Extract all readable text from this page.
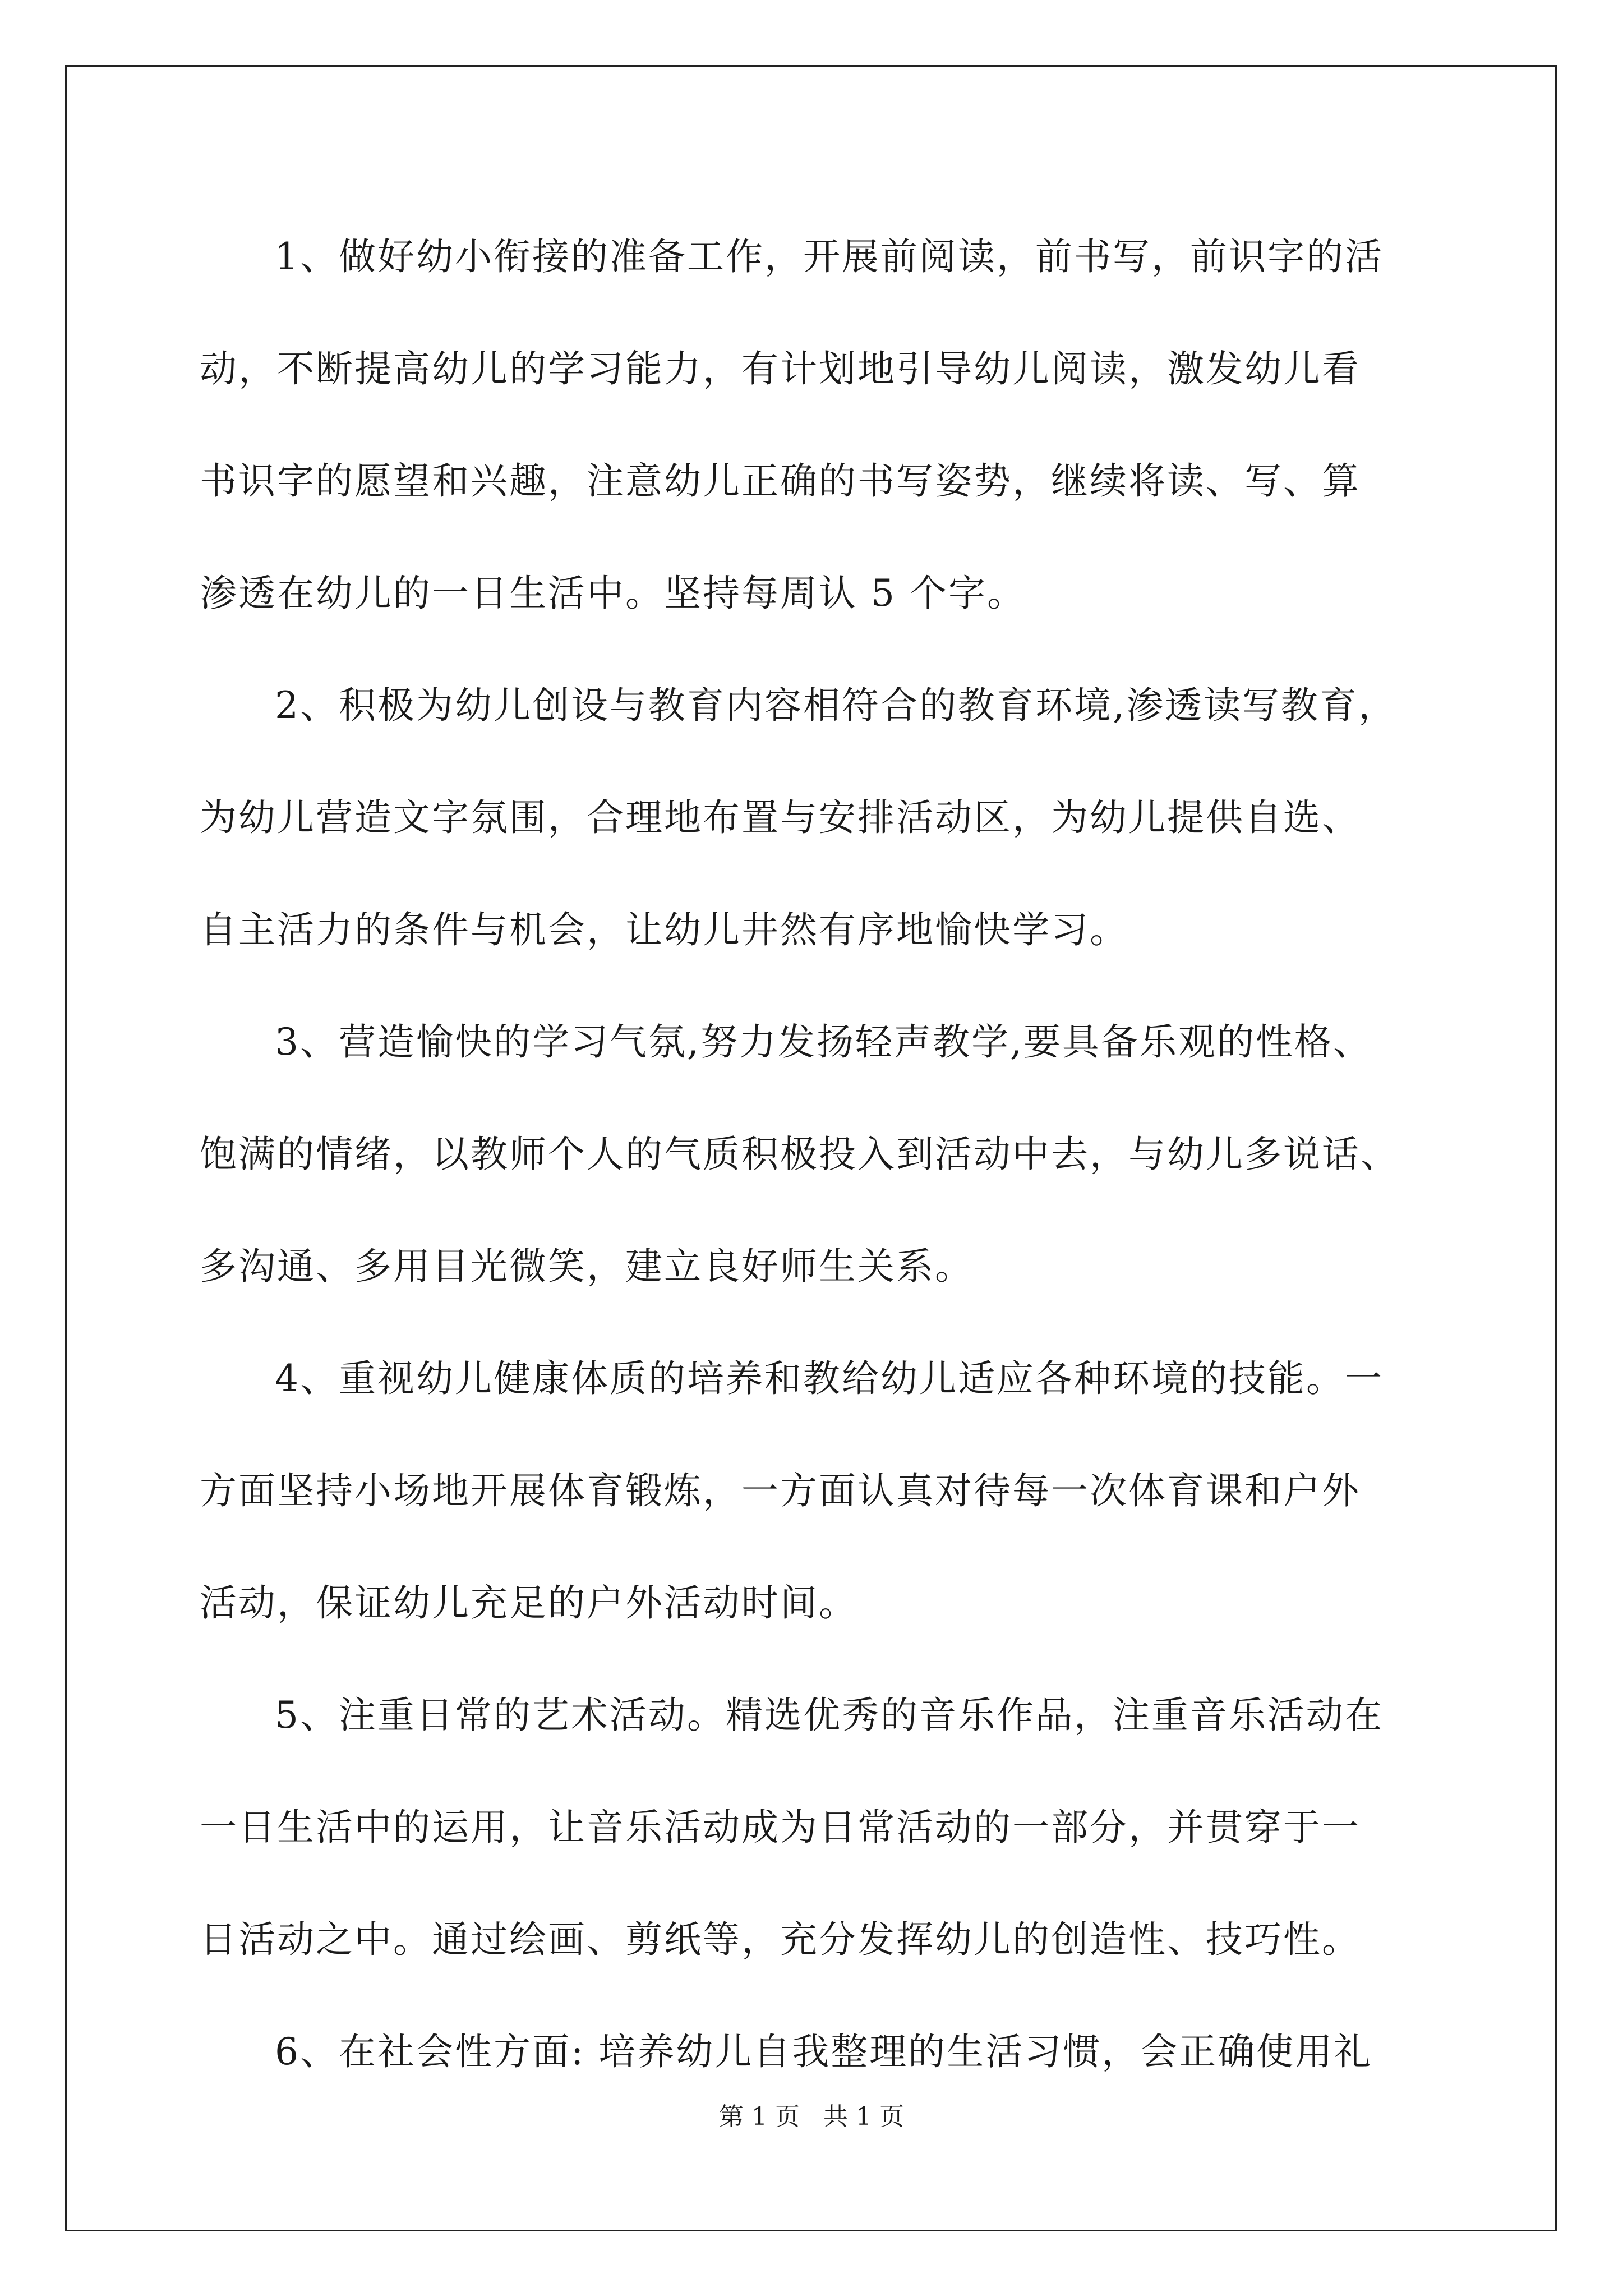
1、做好幼小衔接的准备工作，开展前阅读，前书写，前识字的活
动，不断提高幼儿的学习能力，有计划地引导幼儿阅读，激发幼儿看
书识字的愿望和兴趣，注意幼儿正确的书写姿势，继续将读、写、算
渗透在幼儿的一日生活中。坚持每周认 5 个字。
2、积极为幼儿创设与教育内容相符合的教育环境,渗透读写教育，
为幼儿营造文字氛围，合理地布置与安排活动区，为幼儿提供自选、
自主活力的条件与机会，让幼儿井然有序地愉快学习。
3、营造愉快的学习气氛,努力发扬轻声教学,要具备乐观的性格、
饱满的情绪，以教师个人的气质积极投入到活动中去，与幼儿多说话、
多沟通、多用目光微笑，建立良好师生关系。
4、重视幼儿健康体质的培养和教给幼儿适应各种环境的技能。一
方面坚持小场地开展体育锻炼，一方面认真对待每一次体育课和户外
活动，保证幼儿充足的户外活动时间。
5、注重日常的艺术活动。精选优秀的音乐作品，注重音乐活动在
一日生活中的运用，让音乐活动成为日常活动的一部分，并贯穿于一
日活动之中。通过绘画、剪纸等，充分发挥幼儿的创造性、技巧性。
6、在社会性方面: 培养幼儿自我整理的生活习惯，会正确使用礼
第 1 页   共 1 页
